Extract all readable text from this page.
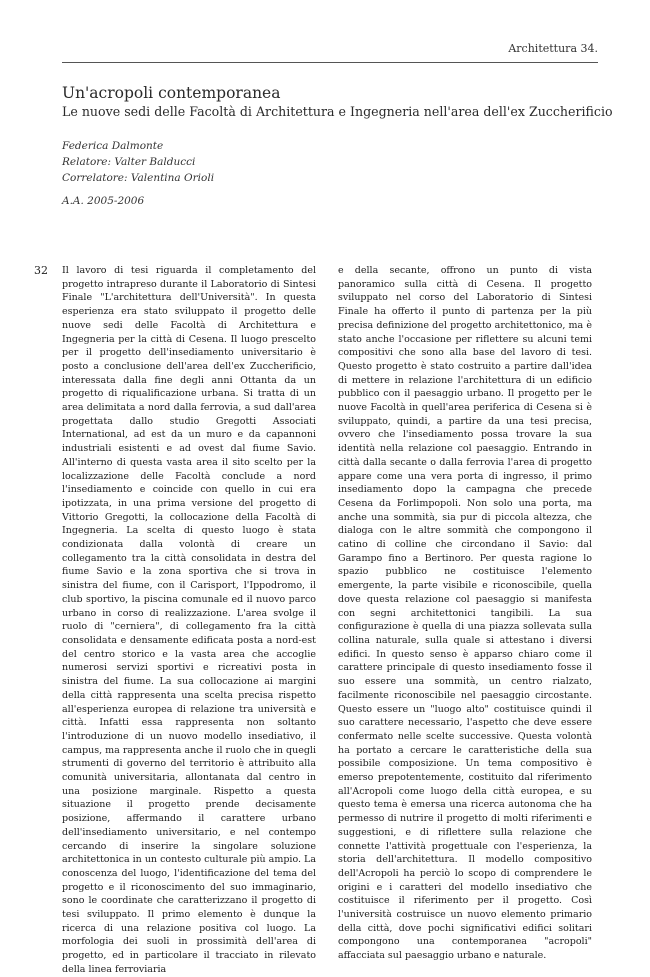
Architettura 34.
Un'acropoli contemporanea
Le nuove sedi delle Facoltà di Architettura e Ingegneria nell'area dell'ex Zuccherificio
Federica Dalmonte
Relatore: Valter Balducci
Correlatore: Valentina Orioli
A.A. 2005-2006
32 Il lavoro di tesi riguarda il completamento del progetto intrapreso durante il Laboratorio di Sintesi Finale "L'architettura dell'Università". In questa esperienza era stato sviluppato il progetto delle nuove sedi delle Facoltà di Architettura e Ingegneria per la città di Cesena. Il luogo prescelto per il progetto dell'insediamento universitario è posto a conclusione dell'area dell'ex Zuccherificio, interessata dalla fine degli anni Ottanta da un progetto di riqualificazione urbana. Si tratta di un area delimitata a nord dalla ferrovia, a sud dall'area progettata dallo studio Gregotti Associati International, ad est da un muro e da capannoni industriali esistenti e ad ovest dal fiume Savio. All'interno di questa vasta area il sito scelto per la localizzazione delle Facoltà conclude a nord l'insediamento e coincide con quello in cui era ipotizzata, in una prima versione del progetto di Vittorio Gregotti, la collocazione della Facoltà di Ingegneria. La scelta di questo luogo è stata condizionata dalla volontà di creare un collegamento tra la città consolidata in destra del fiume Savio e la zona sportiva che si trova in sinistra del fiume, con il Carisport, l'Ippodromo, il club sportivo, la piscina comunale ed il nuovo parco urbano in corso di realizzazione. L'area svolge il ruolo di "cerniera", di collegamento fra la città consolidata e densamente edificata posta a nord-est del centro storico e la vasta area che accoglie numerosi servizi sportivi e ricreativi posta in sinistra del fiume. La sua collocazione ai margini della città rappresenta una scelta precisa rispetto all'esperienza europea di relazione tra università e città. Infatti essa rappresenta non soltanto l'introduzione di un nuovo modello insediativo, il campus, ma rappresenta anche il ruolo che in quegli strumenti di governo del territorio è attribuito alla comunità universitaria, allontanata dal centro in una posizione marginale. Rispetto a questa situazione il progetto prende decisamente posizione, affermando il carattere urbano dell'insediamento universitario, e nel contempo cercando di inserire la singolare soluzione architettonica in un contesto culturale più ampio. La conoscenza del luogo, l'identificazione del tema del progetto e il riconoscimento del suo immaginario, sono le coordinate che caratterizzano il progetto di tesi sviluppato. Il primo elemento è dunque la ricerca di una relazione positiva col luogo. La morfologia dei suoli in prossimità dell'area di progetto, ed in particolare il tracciato in rilevato della linea ferroviaria

e della secante, offrono un punto di vista panoramico sulla città di Cesena. Il progetto sviluppato nel corso del Laboratorio di Sintesi Finale ha offerto il punto di partenza per la più precisa definizione del progetto architettonico, ma è stato anche l'occasione per riflettere su alcuni temi compositivi che sono alla base del lavoro di tesi. Questo progetto è stato costruito a partire dall'idea di mettere in relazione l'architettura di un edificio pubblico con il paesaggio urbano. Il progetto per le nuove Facoltà in quell'area periferica di Cesena si è sviluppato, quindi, a partire da una tesi precisa, ovvero che l'insediamento possa trovare la sua identità nella relazione col paesaggio. Entrando in città dalla secante o dalla ferrovia l'area di progetto appare come una vera porta di ingresso, il primo insediamento dopo la campagna che precede Cesena da Forlimpopoli. Non solo una porta, ma anche una sommità, sia pur di piccola altezza, che dialoga con le altre sommità che compongono il catino di colline che circondano il Savio: dal Garampo fino a Bertinoro. Per questa ragione lo spazio pubblico ne costituisce l'elemento emergente, la parte visibile e riconoscibile, quella dove questa relazione col paesaggio si manifesta con segni architettonici tangibili. La sua configurazione è quella di una piazza sollevata sulla collina naturale, sulla quale si attestano i diversi edifici. In questo senso è apparso chiaro come il carattere principale di questo insediamento fosse il suo essere una sommità, un centro rialzato, facilmente riconoscibile nel paesaggio circostante. Questo essere un "luogo alto" costituisce quindi il suo carattere necessario, l'aspetto che deve essere confermato nelle scelte successive. Questa volontà ha portato a cercare le caratteristiche della sua possibile composizione. Un tema compositivo è emerso prepotentemente, costituito dal riferimento all'Acropoli come luogo della città europea, e su questo tema è emersa una ricerca autonoma che ha permesso di nutrire il progetto di molti riferimenti e suggestioni, e di riflettere sulla relazione che connette l'attività progettuale con l'esperienza, la storia dell'architettura. Il modello compositivo dell'Acropoli ha perciò lo scopo di comprendere le origini e i caratteri del modello insediativo che costituisce il riferimento per il progetto. Così l'università costruisce un nuovo elemento primario della città, dove pochi significativi edifici solitari compongono una contemporanea "acropoli" affacciata sul paesaggio urbano e naturale.
